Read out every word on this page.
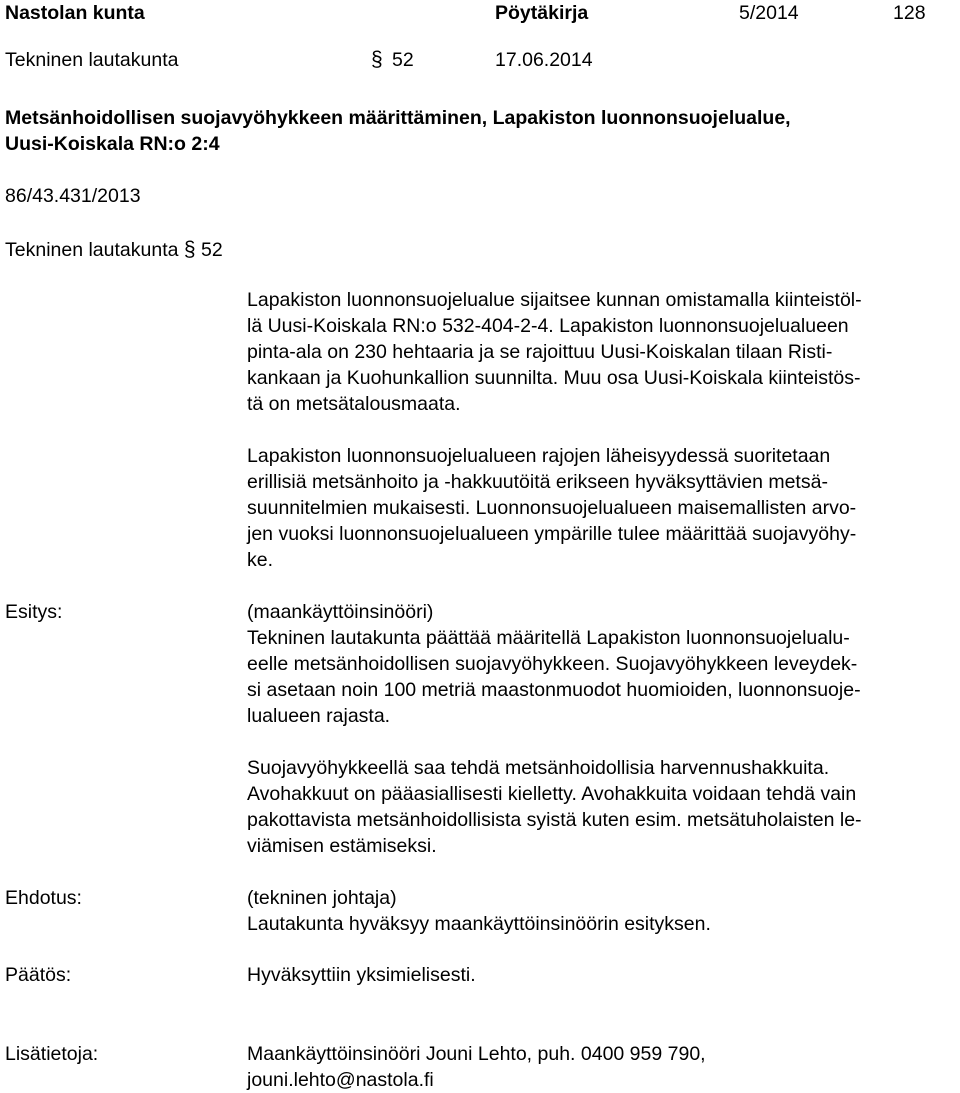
Nastolan kunta	Pöytäkirja	5/2014	128
Tekninen lautakunta	§ 52	17.06.2014
Metsänhoidollisen suojavyöhykkeen määrittäminen, Lapakiston luonnonsuojelualue,
Uusi-Koiskala RN:o 2:4
86/43.431/2013
Tekninen lautakunta § 52
Lapakiston luonnonsuojelualue sijaitsee kunnan omistamalla kiinteistöl-
lä Uusi-Koiskala RN:o 532-404-2-4. Lapakiston luonnonsuojelualueen
pinta-ala on 230 hehtaaria ja se rajoittuu Uusi-Koiskalan tilaan Risti-
kankaan ja Kuohunkallion suunnilta. Muu osa Uusi-Koiskala kiinteistös-
tä on metsätalousmaata.
Lapakiston luonnonsuojelualueen rajojen läheisyydessä suoritetaan
erillisiä metsänhoito ja -hakkuutöitä erikseen hyväksyttävien metsä-
suunnitelmien mukaisesti. Luonnonsuojelualueen maisemallisten arvo-
jen vuoksi luonnonsuojelualueen ympärille tulee määrittää suojavyöhy-
ke.
Esitys:	(maankäyttöinsinööri)
Tekninen lautakunta päättää määritellä Lapakiston luonnonsuojelualu-
eelle metsänhoidollisen suojavyöhykkeen. Suojavyöhykkeen leveydek-
si asetaan noin 100 metriä maastonmuodot huomioiden, luonnonsuoje-
lualueen rajasta.
Suojavyöhykkeellä saa tehdä metsänhoidollisia harvennushakkuita.
Avohakkuut on pääasiallisesti kielletty. Avohakkuita voidaan tehdä vain
pakottavista metsänhoidollisista syistä kuten esim. metsätuholaisten le-
viämisen estämiseksi.
Ehdotus:	(tekninen johtaja)
Lautakunta hyväksyy maankäyttöinsinöörin esityksen.
Päätös:	Hyväksyttiin yksimielisesti.
Lisätietoja:	Maankäyttöinsinööri Jouni Lehto, puh. 0400 959 790,
jouni.lehto@nastola.fi
